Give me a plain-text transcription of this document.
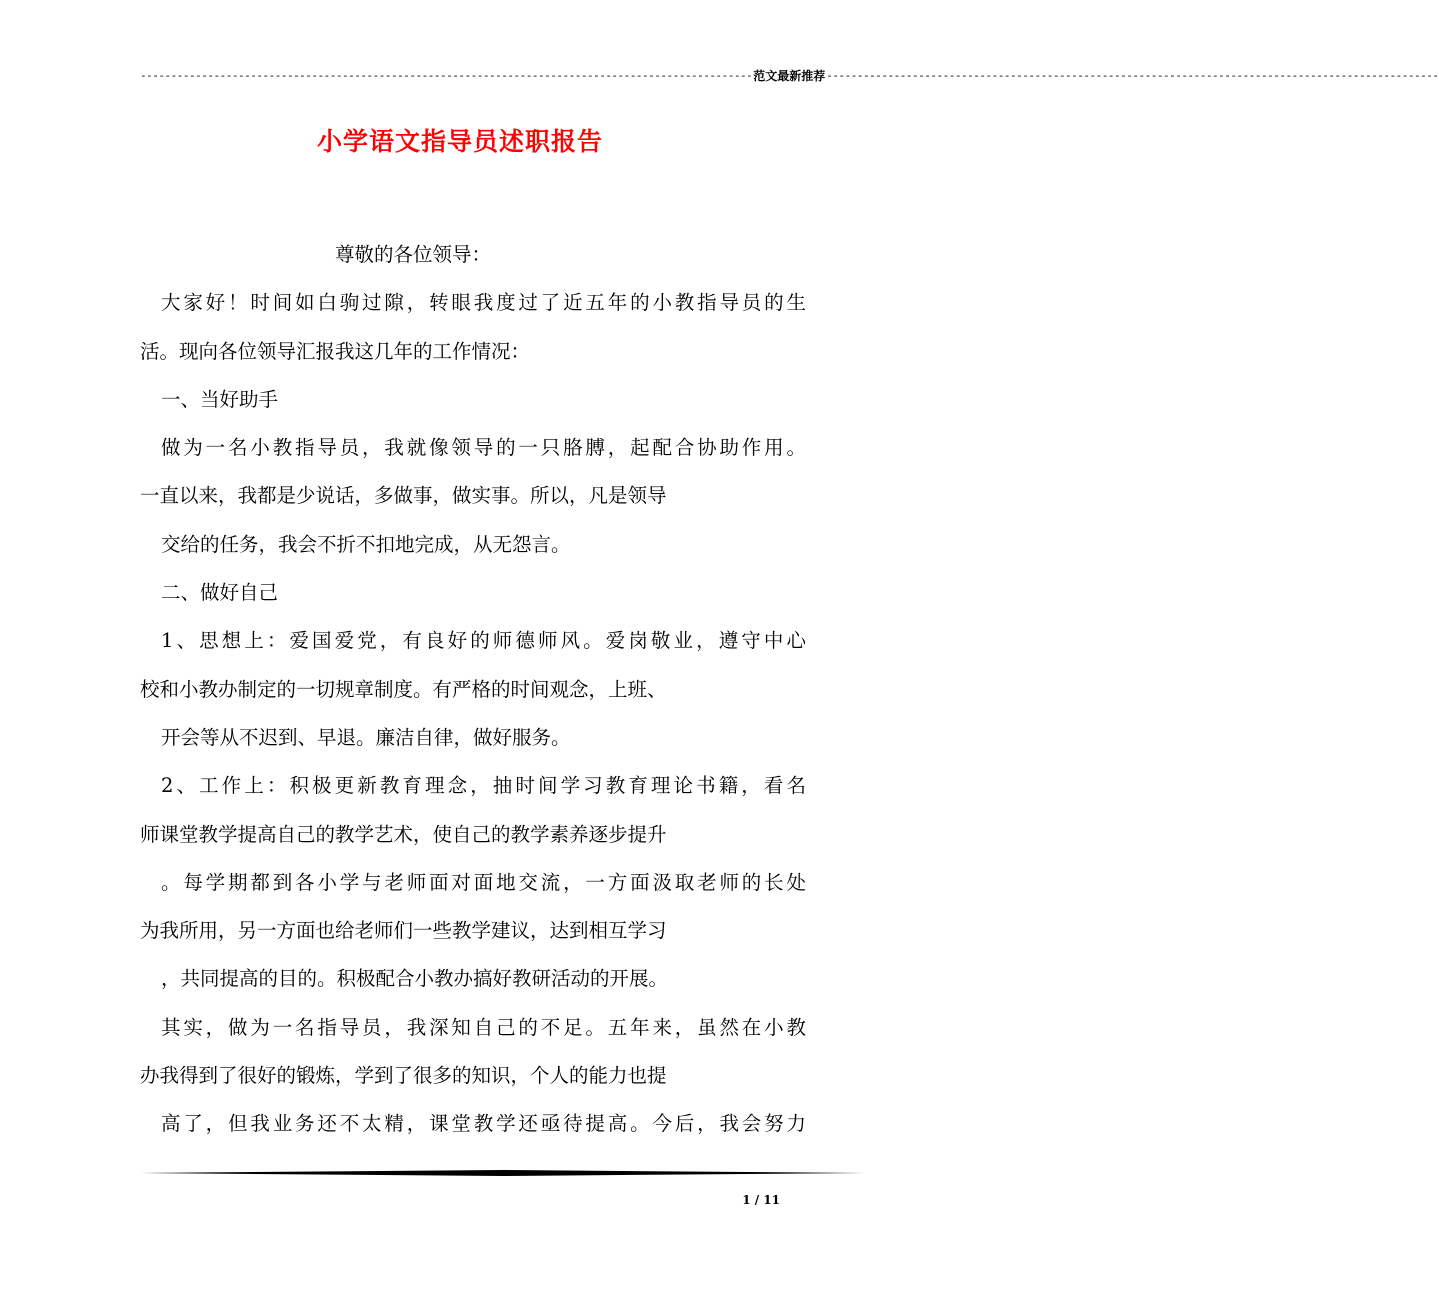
---------------------------------------------------------------------------------------------------- 范文最新推荐 ----------------------------------------------------------------------------------------------------
小学语文指导员述职报告
尊敬的各位领导：
大家好！时间如白驹过隙，转眼我度过了近五年的小教指导员的生
活。现向各位领导汇报我这几年的工作情况：
一、当好助手
做为一名小教指导员，我就像领导的一只胳膊，起配合协助作用。
一直以来，我都是少说话，多做事，做实事。所以，凡是领导
交给的任务，我会不折不扣地完成，从无怨言。
二、做好自己
1、思想上：爱国爱党，有良好的师德师风。爱岗敬业，遵守中心
校和小教办制定的一切规章制度。有严格的时间观念，上班、
开会等从不迟到、早退。廉洁自律，做好服务。
2、工作上：积极更新教育理念，抽时间学习教育理论书籍，看名
师课堂教学提高自己的教学艺术，使自己的教学素养逐步提升
。每学期都到各小学与老师面对面地交流，一方面汲取老师的长处
为我所用，另一方面也给老师们一些教学建议，达到相互学习
，共同提高的目的。积极配合小教办搞好教研活动的开展。
其实，做为一名指导员，我深知自己的不足。五年来，虽然在小教
办我得到了很好的锻炼，学到了很多的知识，个人的能力也提
高了，但我业务还不太精，课堂教学还亟待提高。今后，我会努力
1 / 11
